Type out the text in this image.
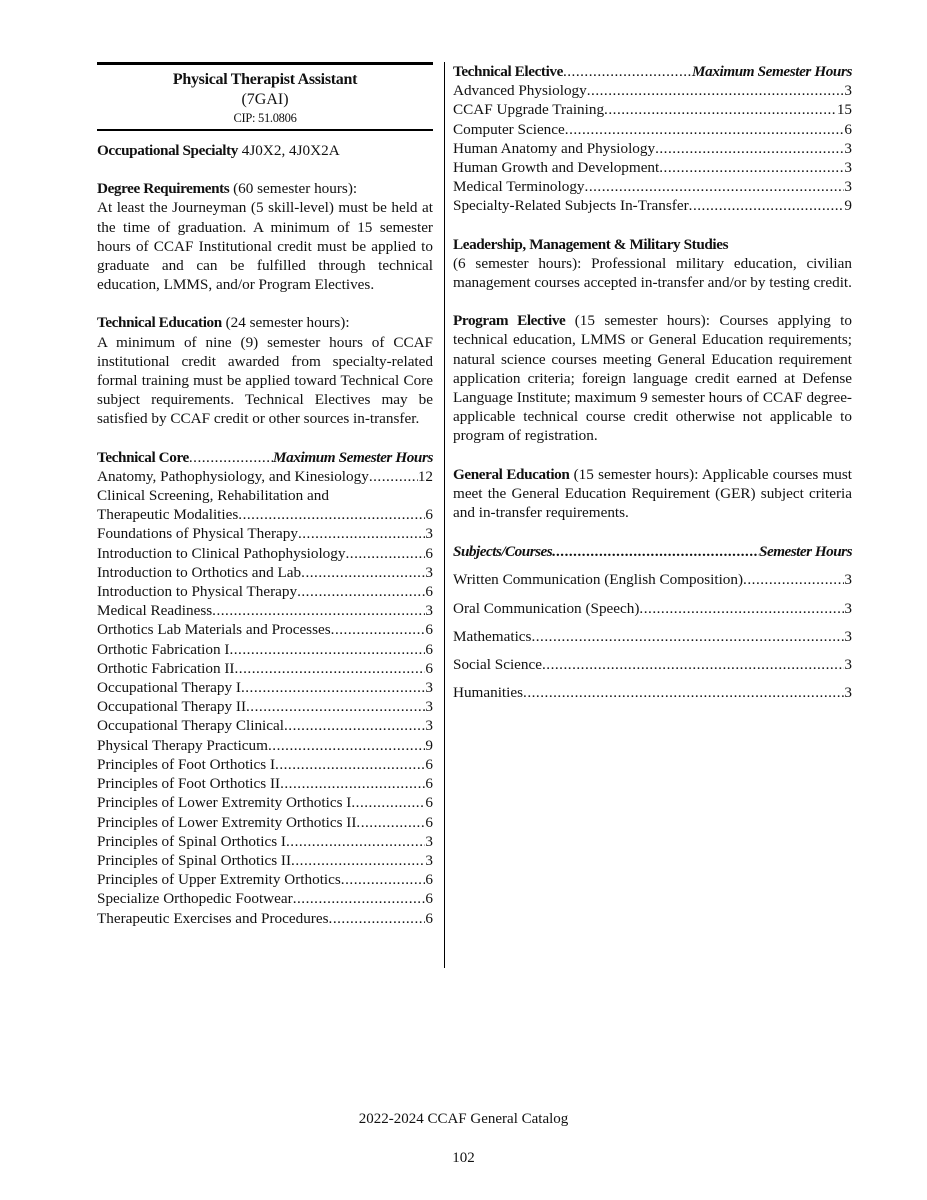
Physical Therapist Assistant
(7GAI)
CIP: 51.0806

Occupational Specialty 4J0X2, 4J0X2A

Degree Requirements (60 semester hours):

At least the Journeyman (5 skill-level) must be held at the time of graduation. A minimum of 15 semester hours of CCAF Institutional credit must be applied to graduate and can be fulfilled through technical education, LMMS, and/or Program Electives.

Technical Education (24 semester hours):

A minimum of nine (9) semester hours of CCAF institutional credit awarded from specialty-related formal training must be applied toward Technical Core subject requirements. Technical Electives may be satisfied by CCAF credit or other sources in-transfer.

Technical Core .....	Maximum Semester Hours
Anatomy, Pathophysiology, and Kinesiology .....	12
Clinical Screening, Rehabilitation and
Therapeutic Modalities .....	6
Foundations of Physical Therapy .....	3
Introduction to Clinical Pathophysiology .....	6
Introduction to Orthotics and Lab .....	3
Introduction to Physical Therapy .....	6
Medical Readiness .....	3
Orthotics Lab Materials and Processes .....	6
Orthotic Fabrication I .....	6
Orthotic Fabrication II .....	6
Occupational Therapy I .....	3
Occupational Therapy II .....	3
Occupational Therapy Clinical .....	3
Physical Therapy Practicum .....	9
Principles of Foot Orthotics I .....	6
Principles of Foot Orthotics II .....	6
Principles of Lower Extremity Orthotics I .....	6
Principles of Lower Extremity Orthotics II .....	6
Principles of Spinal Orthotics I .....	3
Principles of Spinal Orthotics II .....	3
Principles of Upper Extremity Orthotics .....	6
Specialize Orthopedic Footwear .....	6
Therapeutic Exercises and Procedures .....	6
Technical Elective .....	Maximum Semester Hours
Advanced Physiology .....	3
CCAF Upgrade Training .....	15
Computer Science .....	6
Human Anatomy and Physiology .....	3
Human Growth and Development .....	3
Medical Terminology .....	3
Specialty-Related Subjects In-Transfer .....	9

Leadership, Management & Military Studies

(6 semester hours): Professional military education, civilian management courses accepted in-transfer and/or by testing credit.

Program Elective (15 semester hours): Courses applying to technical education, LMMS or General Education requirements; natural science courses meeting General Education requirement application criteria; foreign language credit earned at Defense Language Institute; maximum 9 semester hours of CCAF degree-applicable technical course credit otherwise not applicable to program of registration.

General Education (15 semester hours): Applicable courses must meet the General Education Requirement (GER) subject criteria and in-transfer requirements.

Subjects/Courses .....	Semester Hours
Written Communication (English Composition) .....	3
Oral Communication (Speech) .....	3
Mathematics .....	3
Social Science .....	3
Humanities .....	3
2022-2024 CCAF General Catalog
102
